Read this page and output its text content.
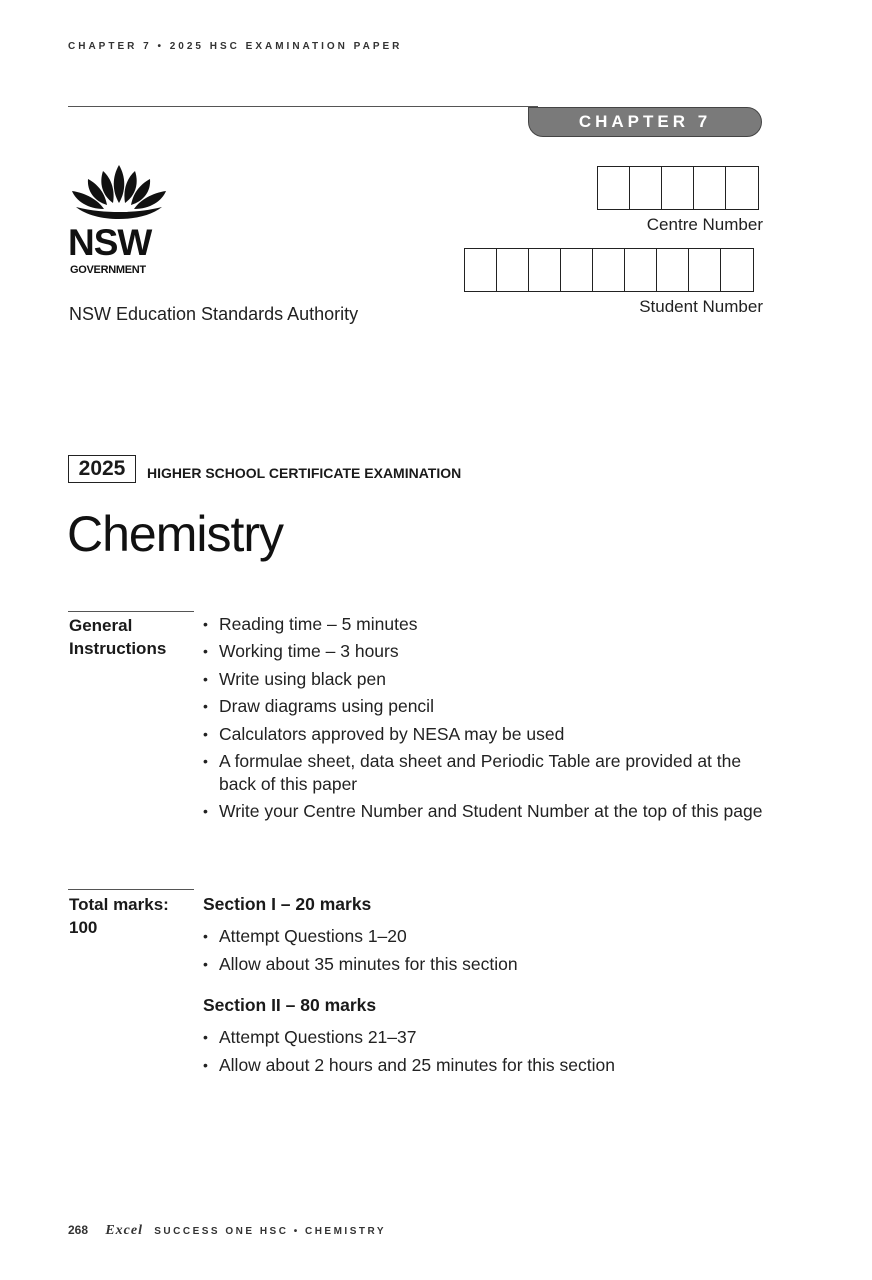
CHAPTER 7 • 2025 HSC EXAMINATION PAPER
CHAPTER 7
NSW
GOVERNMENT
NSW Education Standards Authority
Centre Number
Student Number
2025	HIGHER SCHOOL CERTIFICATE EXAMINATION
Chemistry
General Instructions
• Reading time – 5 minutes
• Working time – 3 hours
• Write using black pen
• Draw diagrams using pencil
• Calculators approved by NESA may be used
• A formulae sheet, data sheet and Periodic Table are provided at the back of this paper
• Write your Centre Number and Student Number at the top of this page
Total marks: 100
Section I – 20 marks
• Attempt Questions 1–20
• Allow about 35 minutes for this section
Section II – 80 marks
• Attempt Questions 21–37
• Allow about 2 hours and 25 minutes for this section
268 Excel SUCCESS ONE HSC • CHEMISTRY
